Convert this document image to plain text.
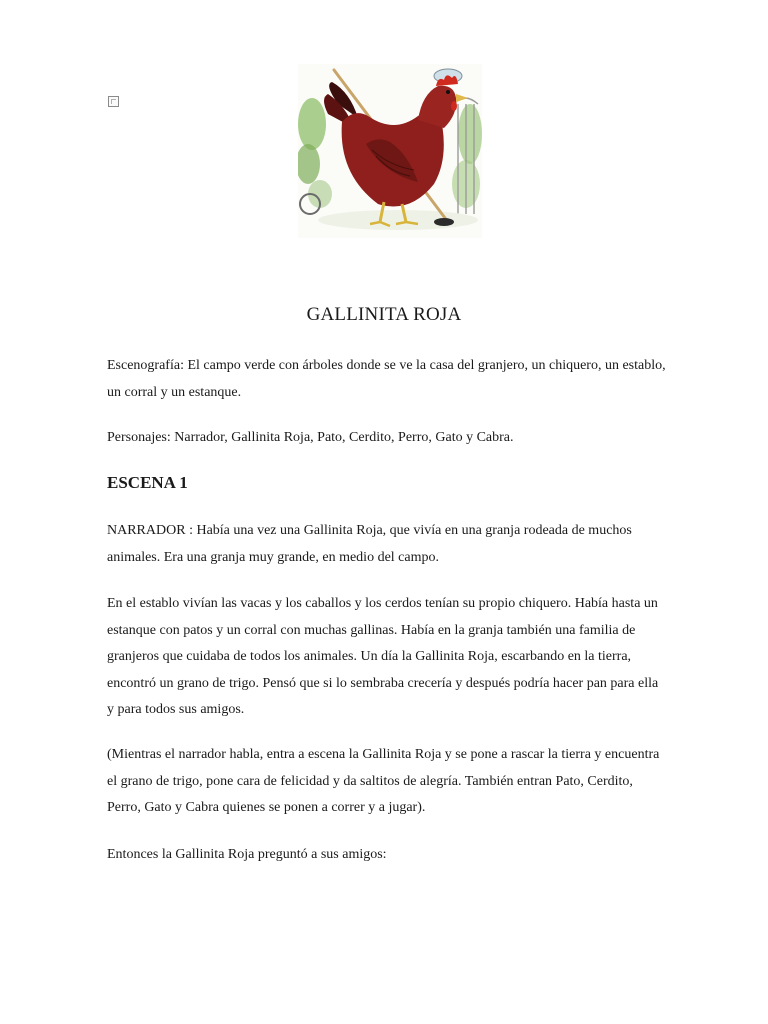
GALLINITA ROJA

Escenografía: El campo verde con árboles donde se ve la casa del granjero, un chiquero, un establo, un corral y un estanque.

Personajes: Narrador, Gallinita Roja, Pato, Cerdito, Perro, Gato y Cabra.

ESCENA 1

NARRADOR : Había una vez una Gallinita Roja, que vivía en una granja rodeada de muchos animales. Era una granja muy grande, en medio del campo.

En el establo vivían las vacas y los caballos y los cerdos tenían su propio chiquero. Había hasta un estanque con patos y un corral con muchas gallinas. Había en la granja también una familia de granjeros que cuidaba de todos los animales. Un día la Gallinita Roja, escarbando en la tierra, encontró un grano de trigo. Pensó que si lo sembraba crecería y después podría hacer pan para ella y para todos sus amigos.

(Mientras el narrador habla, entra a escena la Gallinita Roja y se pone a rascar la tierra y encuentra el grano de trigo, pone cara de felicidad y da saltitos de alegría. También entran Pato, Cerdito, Perro, Gato y Cabra quienes se ponen a correr y a jugar).

Entonces la Gallinita Roja preguntó a sus amigos:
